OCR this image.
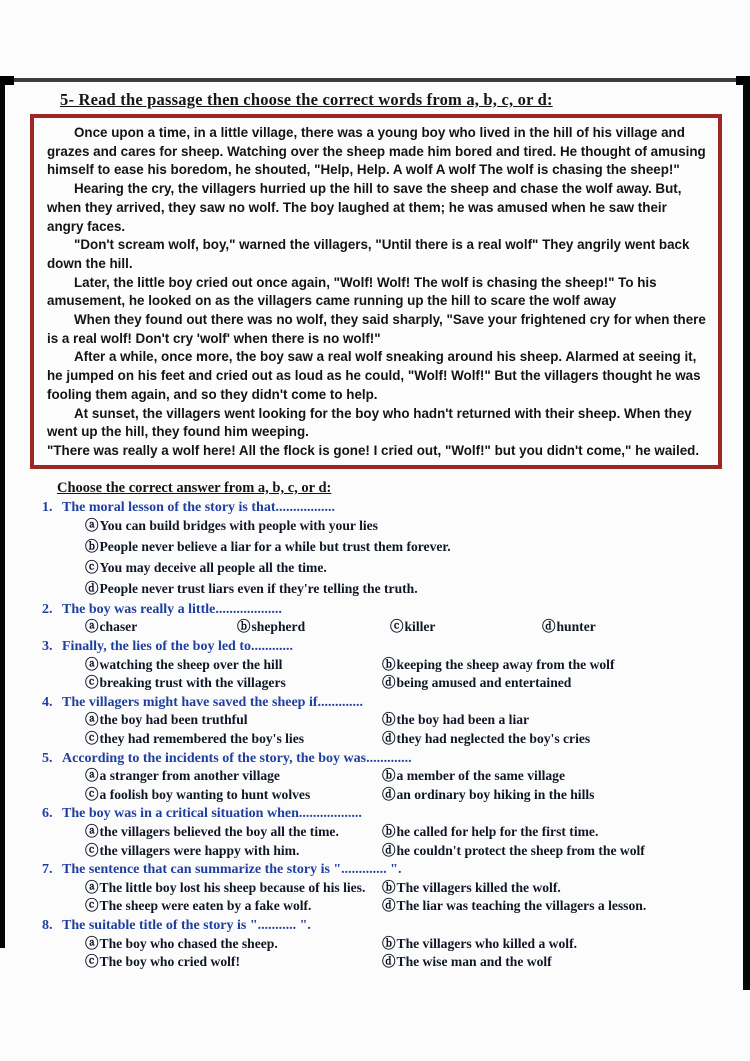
5- Read the passage then choose the correct words from a, b, c, or d:

Once upon a time, in a little village, there was a young boy who lived in the hill of his village and grazes and cares for sheep. Watching over the sheep made him bored and tired. He thought of amusing himself to ease his boredom, he shouted, "Help, Help. A wolf A wolf The wolf is chasing the sheep!"

Hearing the cry, the villagers hurried up the hill to save the sheep and chase the wolf away. But, when they arrived, they saw no wolf. The boy laughed at them; he was amused when he saw their angry faces.

"Don't scream wolf, boy," warned the villagers, "Until there is a real wolf" They angrily went back down the hill.

Later, the little boy cried out once again, "Wolf! Wolf! The wolf is chasing the sheep!" To his amusement, he looked on as the villagers came running up the hill to scare the wolf away

When they found out there was no wolf, they said sharply, "Save your frightened cry for when there is a real wolf! Don't cry 'wolf' when there is no wolf!"

After a while, once more, the boy saw a real wolf sneaking around his sheep. Alarmed at seeing it, he jumped on his feet and cried out as loud as he could, "Wolf! Wolf!" But the villagers thought he was fooling them again, and so they didn't come to help.

At sunset, the villagers went looking for the boy who hadn't returned with their sheep. When they went up the hill, they found him weeping.

"There was really a wolf here! All the flock is gone! I cried out, "Wolf!" but you didn't come," he wailed.

Choose the correct answer from a, b, c, or d:
1. The moral lesson of the story is that.................
ⓐYou can build bridges with people with your lies
ⓑPeople never believe a liar for a while but trust them forever.
ⓒYou may deceive all people all the time.
ⓓPeople never trust liars even if they're telling the truth.
2. The boy was really a little...................
ⓐchaser	ⓑshepherd	ⓒkiller	ⓓhunter
3. Finally, the lies of the boy led to............
ⓐwatching the sheep over the hill	ⓑkeeping the sheep away from the wolf
ⓒbreaking trust with the villagers	ⓓbeing amused and entertained
4. The villagers might have saved the sheep if.............
ⓐthe boy had been truthful	ⓑthe boy had been a liar
ⓒthey had remembered the boy's lies	ⓓthey had neglected the boy's cries
5. According to the incidents of the story, the boy was.............
ⓐa stranger from another village	ⓑa member of the same village
ⓒa foolish boy wanting to hunt wolves	ⓓan ordinary boy hiking in the hills
6. The boy was in a critical situation when..................
ⓐthe villagers believed the boy all the time.	ⓑhe called for help for the first time.
ⓒthe villagers were happy with him.	ⓓhe couldn't protect the sheep from the wolf
7. The sentence that can summarize the story is "............. ".
ⓐThe little boy lost his sheep because of his lies.	ⓑThe villagers killed the wolf.
ⓒThe sheep were eaten by a fake wolf.	ⓓThe liar was teaching the villagers a lesson.
8. The suitable title of the story is "........... ".
ⓐThe boy who chased the sheep.	ⓑThe villagers who killed a wolf.
ⓒThe boy who cried wolf!	ⓓThe wise man and the wolf
